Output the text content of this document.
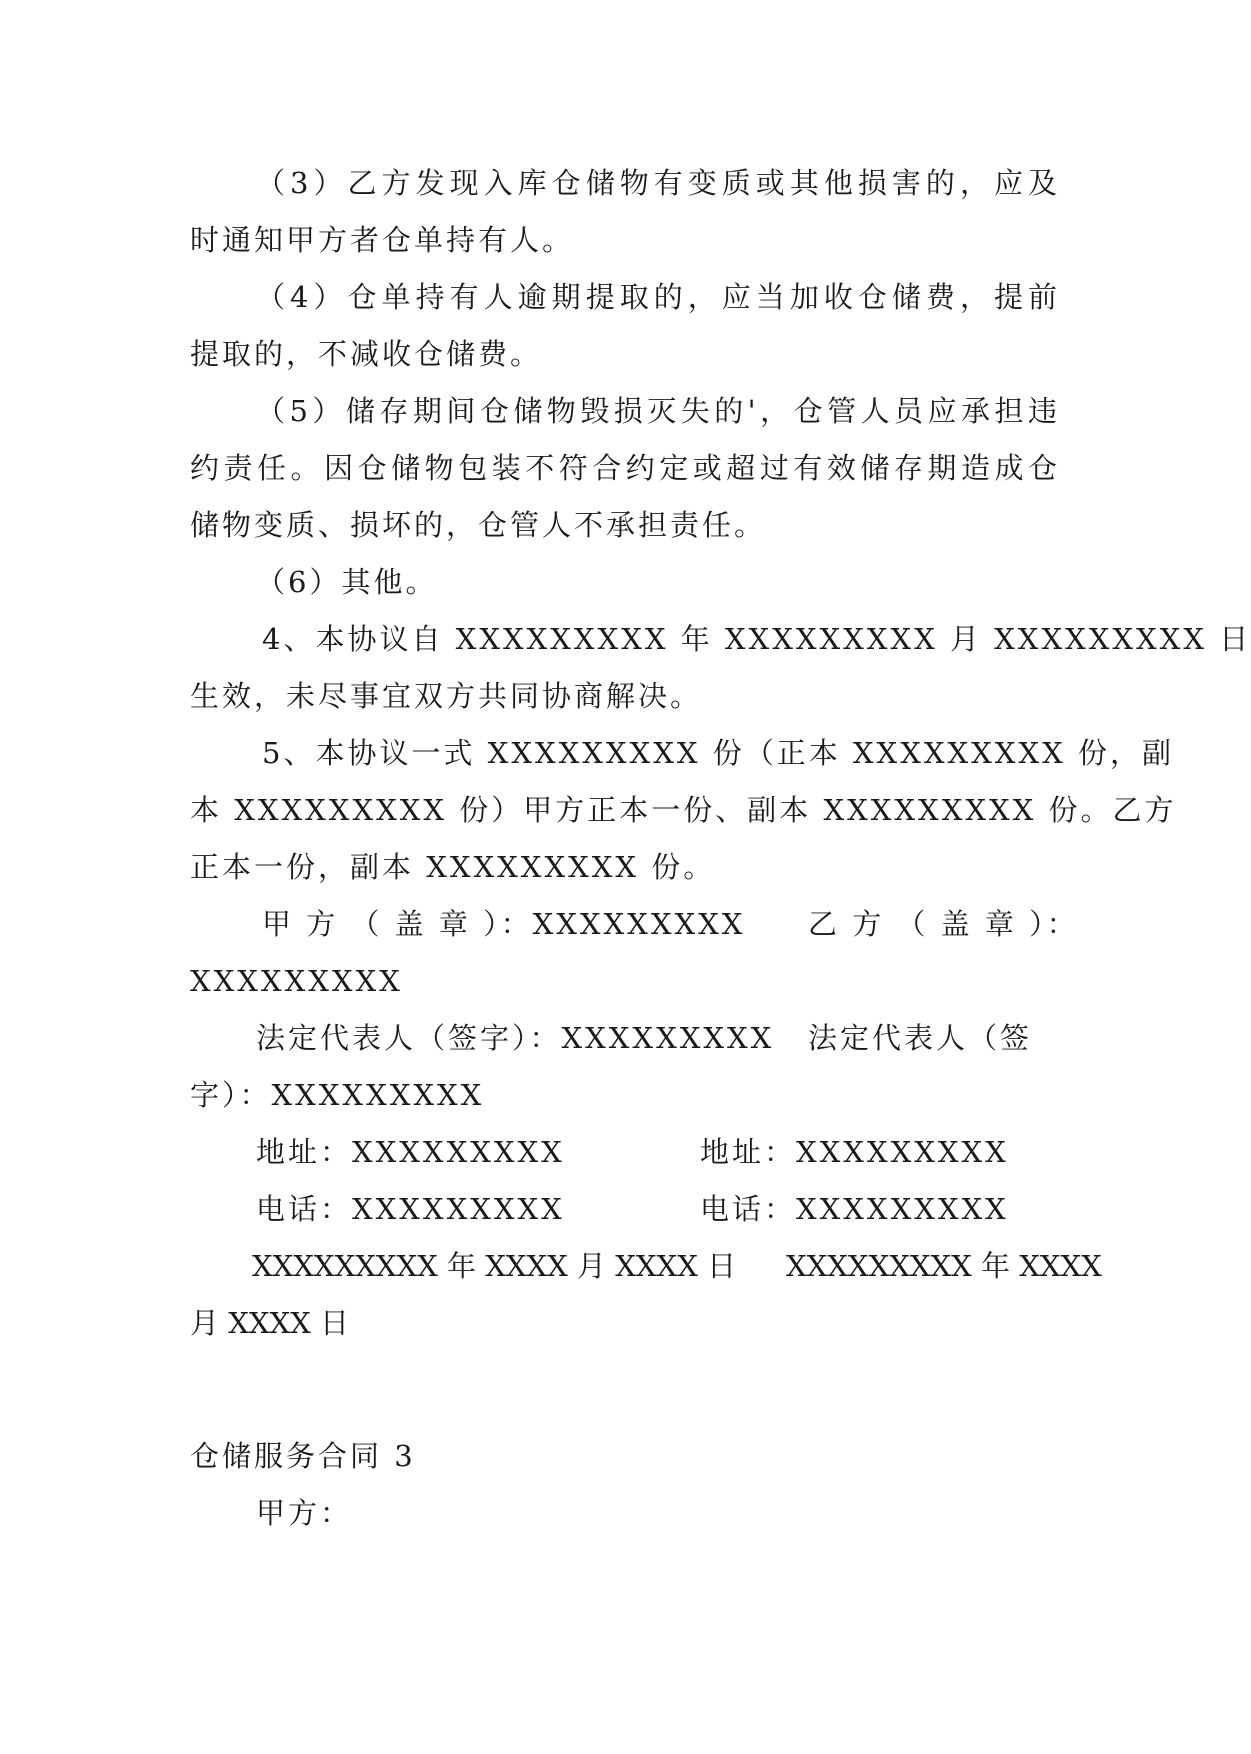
（3）乙方发现入库仓储物有变质或其他损害的，应及
时通知甲方者仓单持有人。
（4）仓单持有人逾期提取的，应当加收仓储费，提前
提取的，不减收仓储费。
（5）储存期间仓储物毁损灭失的'，仓管人员应承担违
约责任。因仓储物包装不符合约定或超过有效储存期造成仓
储物变质、损坏的，仓管人不承担责任。
（6）其他。
4、本协议自 XXXXXXXXX 年 XXXXXXXXX 月 XXXXXXXXX 日
生效，未尽事宜双方共同协商解决。
5、本协议一式 XXXXXXXXX 份（正本 XXXXXXXXX 份，副
本 XXXXXXXXX 份）甲方正本一份、副本 XXXXXXXXX 份。乙方
正本一份，副本 XXXXXXXXX 份。
甲 方 （ 盖 章 ）：XXXXXXXXX 乙 方 （ 盖 章 ）：
XXXXXXXXX
法定代表人（签字）：XXXXXXXXX 法定代表人（签
字）：XXXXXXXXX
地址：XXXXXXXXX	地址：XXXXXXXXX
电话：XXXXXXXXX	电话：XXXXXXXXX
XXXXXXXXX 年 XXXX 月 XXXX 日 XXXXXXXXX 年 XXXX
月 XXXX 日
仓储服务合同 3
甲方：
